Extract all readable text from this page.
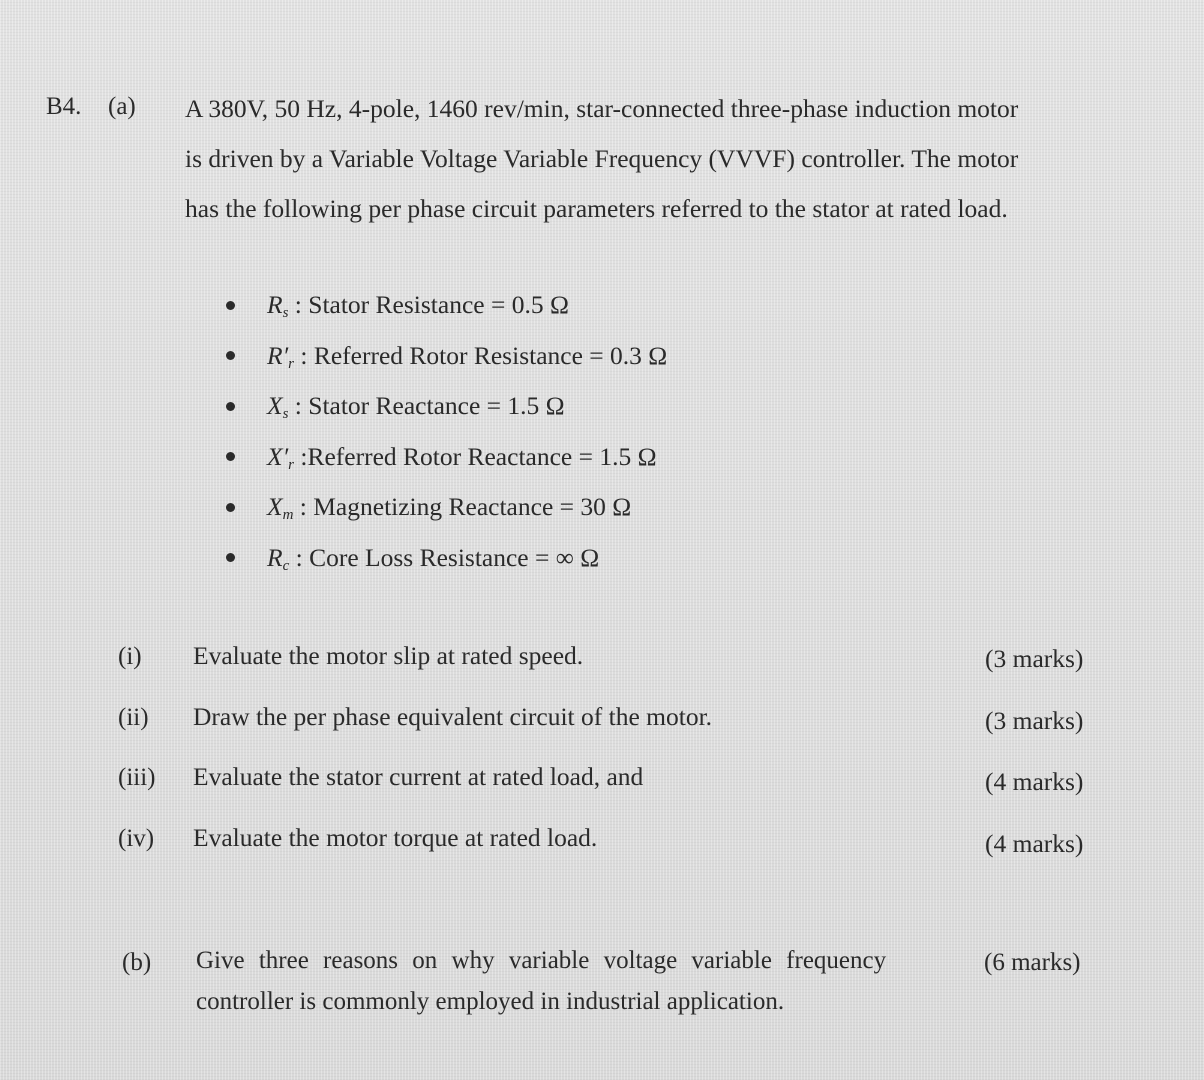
B4. (a) A 380V, 50 Hz, 4-pole, 1460 rev/min, star-connected three-phase induction motor
is driven by a Variable Voltage Variable Frequency (VVVF) controller. The motor
has the following per phase circuit parameters referred to the stator at rated load.
$R_s$ : Stator Resistance = 0.5 Ω
$R'_r$ : Referred Rotor Resistance = 0.3 Ω
$X_s$ : Stator Reactance = 1.5 Ω
$X'_r$ :Referred Rotor Reactance = 1.5 Ω
$X_m$ : Magnetizing Reactance = 30 Ω
$R_c$ : Core Loss Resistance = ∞ Ω
(i) Evaluate the motor slip at rated speed.	(3 marks)
(ii) Draw the per phase equivalent circuit of the motor.	(3 marks)
(iii) Evaluate the stator current at rated load, and	(4 marks)
(iv) Evaluate the motor torque at rated load.	(4 marks)
(b) Give three reasons on why variable voltage variable frequency
controller is commonly employed in industrial application.
(6 marks)
